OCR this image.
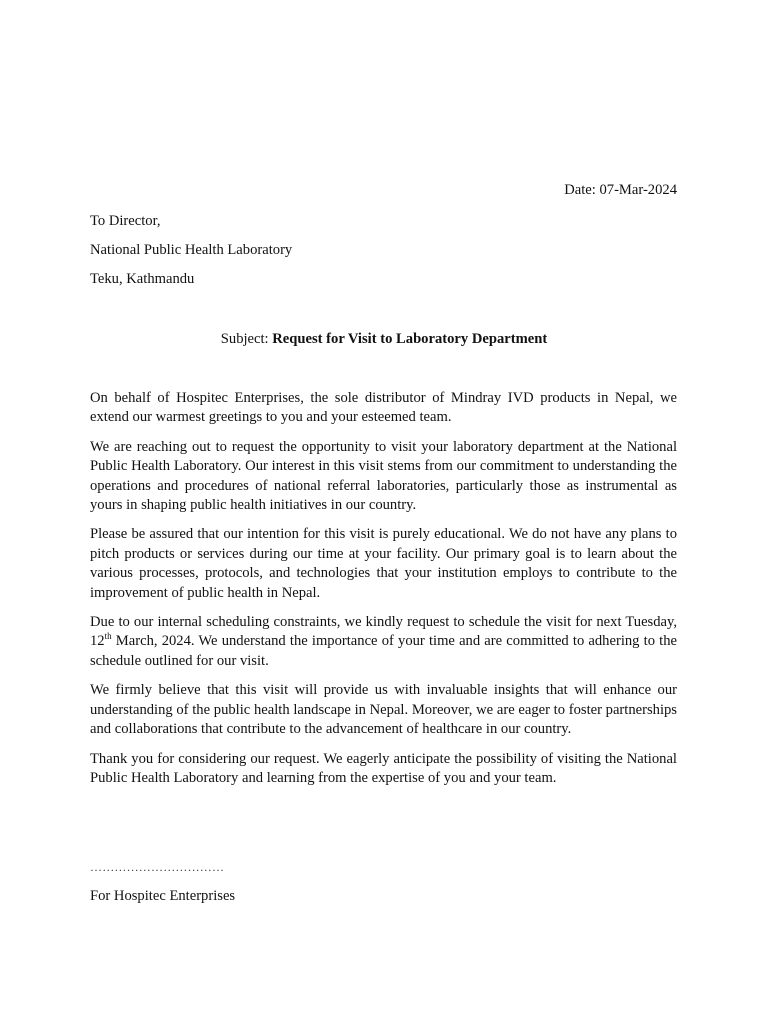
Date: 07-Mar-2024
To Director,
National Public Health Laboratory
Teku, Kathmandu
Subject: Request for Visit to Laboratory Department

On behalf of Hospitec Enterprises, the sole distributor of Mindray IVD products in Nepal, we extend our warmest greetings to you and your esteemed team.

We are reaching out to request the opportunity to visit your laboratory department at the National Public Health Laboratory. Our interest in this visit stems from our commitment to understanding the operations and procedures of national referral laboratories, particularly those as instrumental as yours in shaping public health initiatives in our country.

Please be assured that our intention for this visit is purely educational. We do not have any plans to pitch products or services during our time at your facility. Our primary goal is to learn about the various processes, protocols, and technologies that your institution employs to contribute to the improvement of public health in Nepal.

Due to our internal scheduling constraints, we kindly request to schedule the visit for next Tuesday, 12th March, 2024. We understand the importance of your time and are committed to adhering to the schedule outlined for our visit.

We firmly believe that this visit will provide us with invaluable insights that will enhance our understanding of the public health landscape in Nepal. Moreover, we are eager to foster partnerships and collaborations that contribute to the advancement of healthcare in our country.

Thank you for considering our request. We eagerly anticipate the possibility of visiting the National Public Health Laboratory and learning from the expertise of you and your team.

……………………………
For Hospitec Enterprises
